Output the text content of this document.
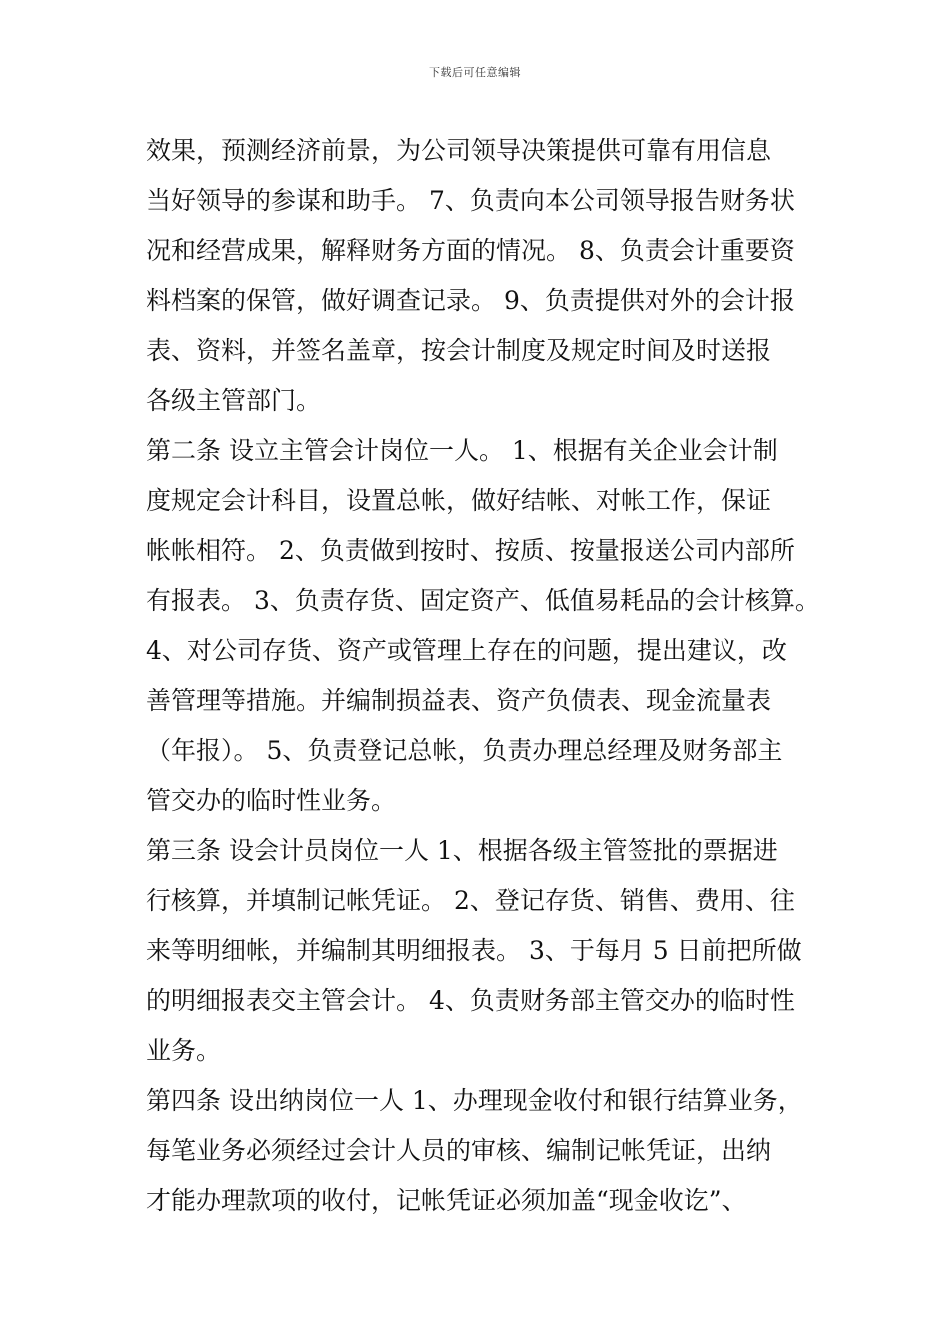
下载后可任意编辑
效果，预测经济前景，为公司领导决策提供可靠有用信息
当好领导的参谋和助手。 7、负责向本公司领导报告财务状
况和经营成果，解释财务方面的情况。 8、负责会计重要资
料档案的保管，做好调查记录。 9、负责提供对外的会计报
表、资料，并签名盖章，按会计制度及规定时间及时送报
各级主管部门。
第二条 设立主管会计岗位一人。 1、根据有关企业会计制
度规定会计科目，设置总帐，做好结帐、对帐工作，保证
帐帐相符。 2、负责做到按时、按质、按量报送公司内部所
有报表。 3、负责存货、固定资产、低值易耗品的会计核算。
4、对公司存货、资产或管理上存在的问题，提出建议，改
善管理等措施。并编制损益表、资产负债表、现金流量表
（年报）。 5、负责登记总帐，负责办理总经理及财务部主
管交办的临时性业务。
第三条 设会计员岗位一人 1、根据各级主管签批的票据进
行核算，并填制记帐凭证。 2、登记存货、销售、费用、往
来等明细帐，并编制其明细报表。 3、于每月 5 日前把所做
的明细报表交主管会计。 4、负责财务部主管交办的临时性
业务。
第四条 设出纳岗位一人 1、办理现金收付和银行结算业务，
每笔业务必须经过会计人员的审核、编制记帐凭证，出纳
才能办理款项的收付，记帐凭证必须加盖“现金收讫”、
